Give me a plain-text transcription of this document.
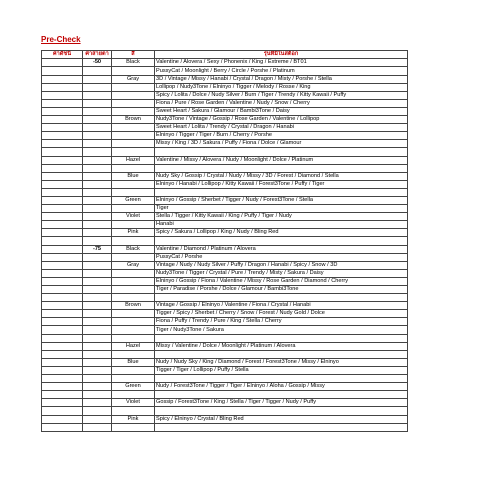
Pre-Check
ค่าดัชนี	ค่าสายตา	สี	รุ่นที่มีในสต็อก
	-50	Black	Valentine / Alovera / Sexy / Phonenix / King / Extreme / BT01
			PussyCat / Moonlight / Berry / Circle / Porshe / Platinum
		Gray	3D / Vintage / Missy / Hanabi / Crystal / Dragon / Misty / Porshe / Stella
			Lollipop / Nudy3Tone / Elninyo / Tigger / Melody / Rosse / King
			Spicy / Lolita / Dolce / Nudy Silver / Burn / Tiger / Trendy / Kitty Kawaii / Puffy
			Fiona / Pure / Rose Garden / Valentine / Nudy / Snow / Cherry
			Sweet Heart / Sakura / Glamour / Bambi3Tone / Daisy
		Brown	Nudy3Tone / Vintage / Gossip / Rose Garden / Valentine / Lollipop
			Sweet Heart / Lolita / Trendy / Crystal / Dragon / Hanabi
			Elninyo / Tigger / Tiger / Burn / Cherry / Porshe
			Missy / King / 3D / Sakura / Puffy / Fiona / Dolce / Glamour

		Hazel	Valentine / Missy / Alovera / Nudy / Moonlight / Dolce / Platinum

		Blue	Nudy Sky / Gossip / Crystal / Nudy / Missy / 3D / Forest / Diamond / Stella
			Elninyo / Hanabi / Lollipop / Kitty Kawaii / Forest3Tone / Puffy / Tiger

		Green	Elninyo / Gossip / Sherbet / Tigger / Nudy / Forest3Tone / Stella
			Tiger
		Violet	Stella / Tigger / Kitty Kawaii / King / Puffy / Tiger / Nudy
			Hanabi
		Pink	Spicy / Sakura / Lollipop / King / Nudy / Bling Red

	-75	Black	Valentine / Diamond / Platinum / Alovera
			PussyCat / Porshe
		Gray	Vintage / Nudy / Nudy Silver / Puffy / Dragon / Hanabi / Spicy / Snow / 3D
			Nudy3Tone / Tigger / Crystal / Pure / Trendy / Misty / Sakura / Daisy
			Elninyo / Gossip / Fiona / Valentine / Missy / Rose Garden / Diamond / Cherry
			Tiger / Paradise / Porshe / Dolce / Glamour / Bambi3Tone

		Brown	Vintage / Gossip / Elninyo / Valentine / Fiona / Crystal / Hanabi
			Tigger / Spicy / Sherbet / Cherry / Snow / Forest / Nudy Gold / Dolce
			Fiona / Puffy / Trendy / Pure / King / Stella / Cherry
			Tiger / Nudy3Tone / Sakura

		Hazel	Missy / Valentine / Dolce / Moonlight / Platinum / Alovera

		Blue	Nudy / Nudy Sky / King / Diamond / Forest / Forest3Tone / Missy / Elninyo
			Tigger / Tiger / Lollipop / Puffy / Stella

		Green	Nudy / Forest3Tone / Tigger / Tiger / Elninyo / Aloha / Gossip / Missy

		Violet	Gossip / Forest3Tone / King / Stella / Tiger / Tigger / Nudy / Puffy

		Pink	Spicy / Elninyo / Crystal / Bling Red
